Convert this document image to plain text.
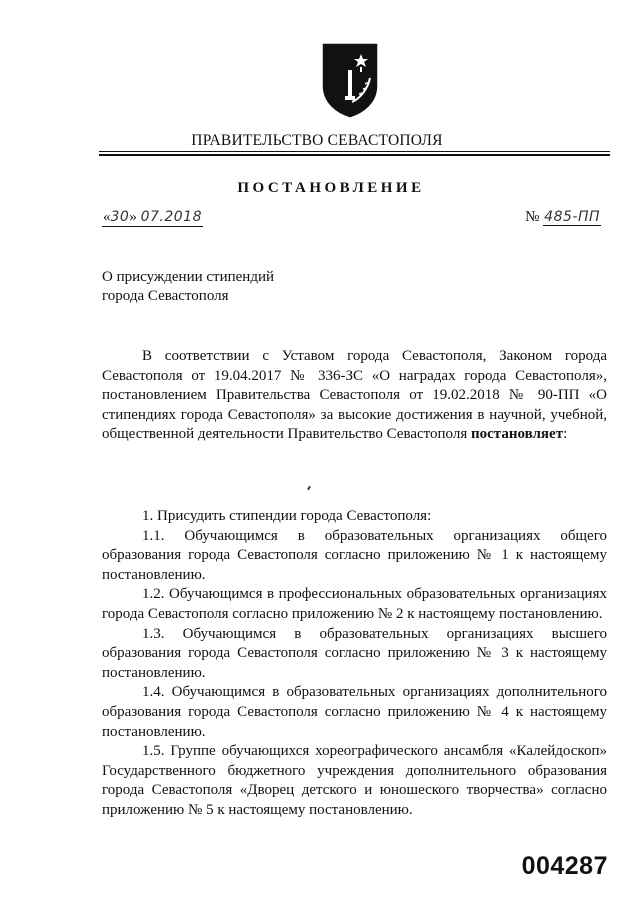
ПРАВИТЕЛЬСТВО СЕВАСТОПОЛЯ
ПОСТАНОВЛЕНИЕ
«30» 07.2018	№ 485-ПП
О присуждении стипендий
города Севастополя

В соответствии с Уставом города Севастополя, Законом города Севастополя от 19.04.2017 № 336-ЗС «О наградах города Севастополя», постановлением Правительства Севастополя от 19.02.2018 № 90-ПП «О стипендиях города Севастополя» за высокие достижения в научной, учебной, общественной деятельности Правительство Севастополя постановляет:

1. Присудить стипендии города Севастополя:

1.1. Обучающимся в образовательных организациях общего образования города Севастополя согласно приложению № 1 к настоящему постановлению.

1.2. Обучающимся в профессиональных образовательных организациях города Севастополя согласно приложению № 2 к настоящему постановлению.

1.3. Обучающимся в образовательных организациях высшего образования города Севастополя согласно приложению № 3 к настоящему постановлению.

1.4. Обучающимся в образовательных организациях дополнительного образования города Севастополя согласно приложению № 4 к настоящему постановлению.

1.5. Группе обучающихся хореографического ансамбля «Калейдоскоп» Государственного бюджетного учреждения дополнительного образования города Севастополя «Дворец детского и юношеского творчества» согласно приложению № 5 к настоящему постановлению.

004287
